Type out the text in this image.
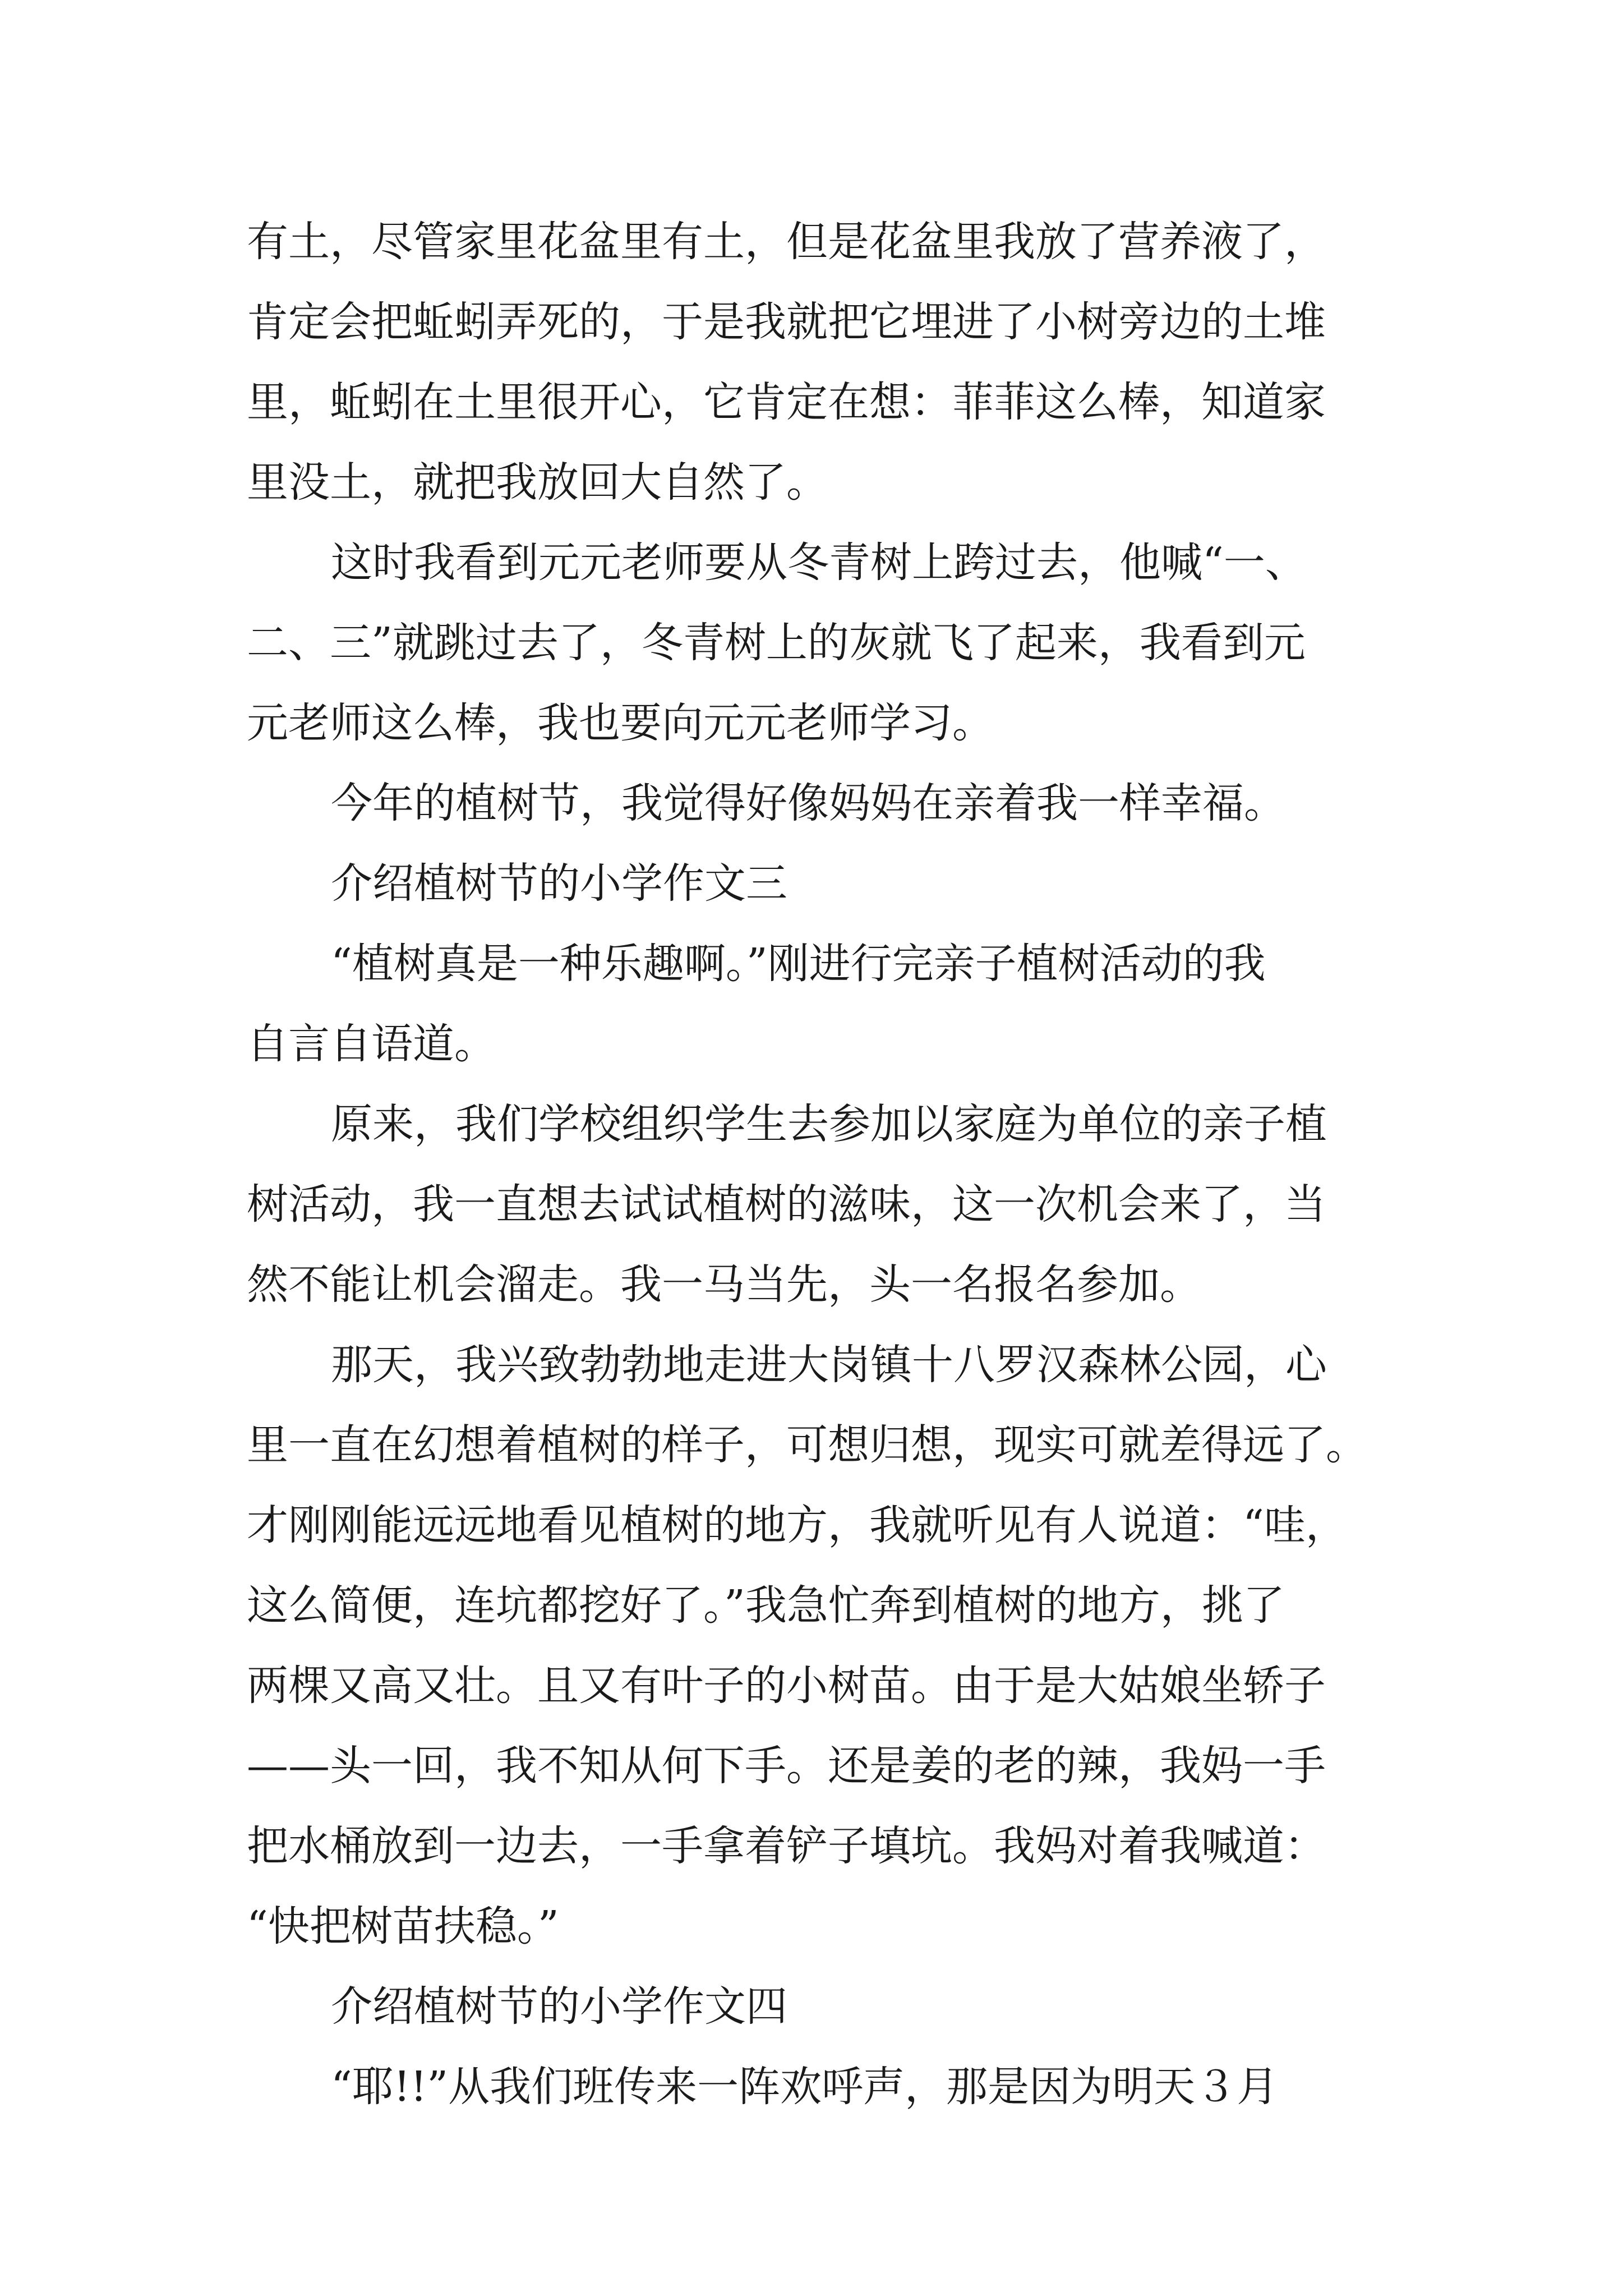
有土，尽管家里花盆里有土，但是花盆里我放了营养液了，
肯定会把蚯蚓弄死的，于是我就把它埋进了小树旁边的土堆
里，蚯蚓在土里很开心，它肯定在想：菲菲这么棒，知道家
里没土，就把我放回大自然了。

这时我看到元元老师要从冬青树上跨过去，他喊“一、
二、三”就跳过去了，冬青树上的灰就飞了起来，我看到元
元老师这么棒，我也要向元元老师学习。

今年的植树节，我觉得好像妈妈在亲着我一样幸福。

介绍植树节的小学作文三

“植树真是一种乐趣啊。”刚进行完亲子植树活动的我
自言自语道。

原来，我们学校组织学生去参加以家庭为单位的亲子植
树活动，我一直想去试试植树的滋味，这一次机会来了，当
然不能让机会溜走。我一马当先，头一名报名参加。

那天，我兴致勃勃地走进大岗镇十八罗汉森林公园，心
里一直在幻想着植树的样子，可想归想，现实可就差得远了。
才刚刚能远远地看见植树的地方，我就听见有人说道：“哇，
这么简便，连坑都挖好了。”我急忙奔到植树的地方，挑了
两棵又高又壮。且又有叶子的小树苗。由于是大姑娘坐轿子
——头一回，我不知从何下手。还是姜的老的辣，我妈一手
把水桶放到一边去，一手拿着铲子填坑。我妈对着我喊道：
“快把树苗扶稳。”

介绍植树节的小学作文四

“耶!!”从我们班传来一阵欢呼声，那是因为明天３月
